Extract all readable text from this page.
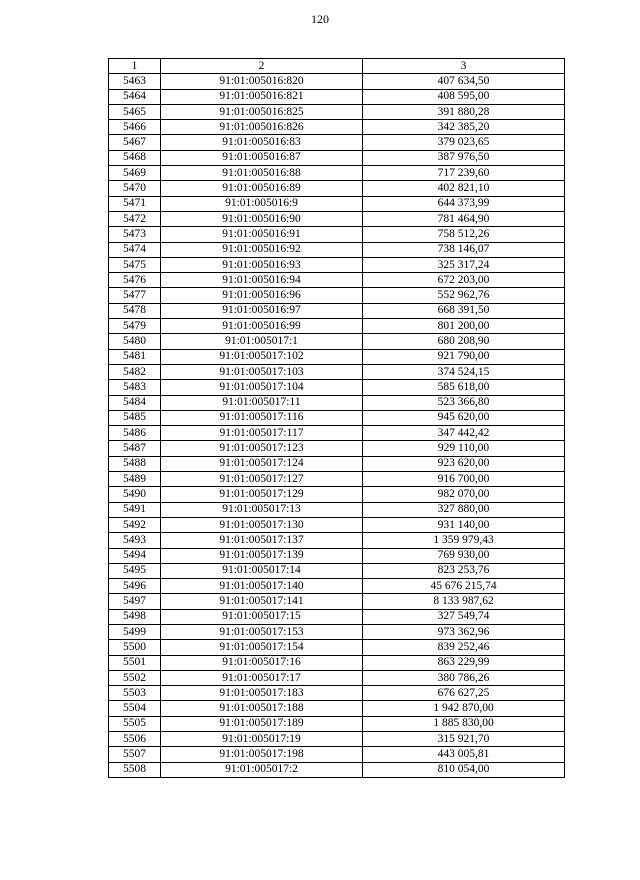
120
1	2	3
5463	91:01:005016:820	407 634,50
5464	91:01:005016:821	408 595,00
5465	91:01:005016:825	391 880,28
5466	91:01:005016:826	342 385,20
5467	91:01:005016:83	379 023,65
5468	91:01:005016:87	387 976,50
5469	91:01:005016:88	717 239,60
5470	91:01:005016:89	402 821,10
5471	91:01:005016:9	644 373,99
5472	91:01:005016:90	781 464,90
5473	91:01:005016:91	758 512,26
5474	91:01:005016:92	738 146,07
5475	91:01:005016:93	325 317,24
5476	91:01:005016:94	672 203,00
5477	91:01:005016:96	552 962,76
5478	91:01:005016:97	668 391,50
5479	91:01:005016:99	801 200,00
5480	91:01:005017:1	680 208,90
5481	91:01:005017:102	921 790,00
5482	91:01:005017:103	374 524,15
5483	91:01:005017:104	585 618,00
5484	91:01:005017:11	523 366,80
5485	91:01:005017:116	945 620,00
5486	91:01:005017:117	347 442,42
5487	91:01:005017:123	929 110,00
5488	91:01:005017:124	923 620,00
5489	91:01:005017:127	916 700,00
5490	91:01:005017:129	982 070,00
5491	91:01:005017:13	327 880,00
5492	91:01:005017:130	931 140,00
5493	91:01:005017:137	1 359 979,43
5494	91:01:005017:139	769 930,00
5495	91:01:005017:14	823 253,76
5496	91:01:005017:140	45 676 215,74
5497	91:01:005017:141	8 133 987,62
5498	91:01:005017:15	327 549,74
5499	91:01:005017:153	973 362,96
5500	91:01:005017:154	839 252,46
5501	91:01:005017:16	863 229,99
5502	91:01:005017:17	380 786,26
5503	91:01:005017:183	676 627,25
5504	91:01:005017:188	1 942 870,00
5505	91:01:005017:189	1 885 830,00
5506	91:01:005017:19	315 921,70
5507	91:01:005017:198	443 005,81
5508	91:01:005017:2	810 054,00
